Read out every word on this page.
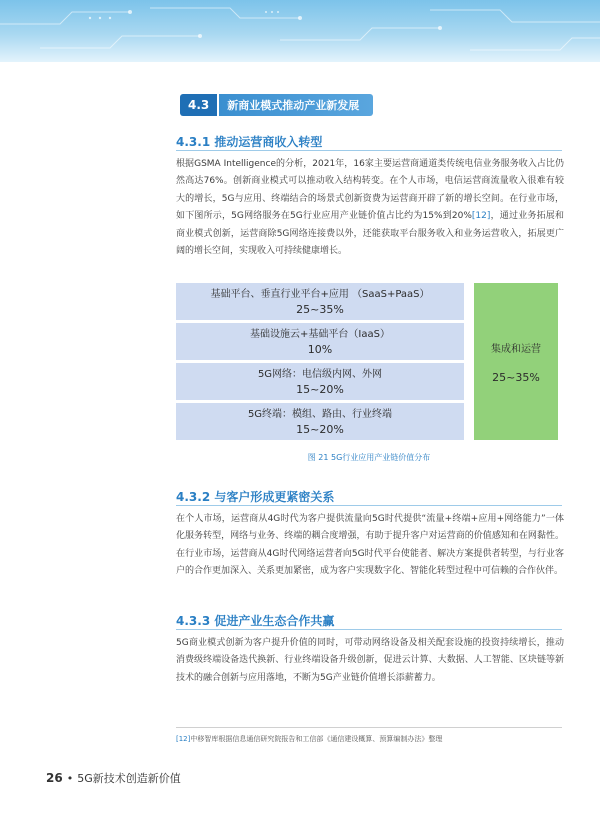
4.3	新商业模式推动产业新发展
4.3.1 推动运营商收入转型

根据GSMA Intelligence的分析，2021年，16家主要运营商通道类传统电信业务服务收入占比仍然高达76%。创新商业模式可以推动收入结构转变。在个人市场，电信运营商流量收入很难有较大的增长，5G与应用、终端结合的场景式创新资费为运营商开辟了新的增长空间。在行业市场，如下图所示，5G网络服务在5G行业应用产业链价值占比约为15%到20%[12]，通过业务拓展和商业模式创新，运营商除5G网络连接费以外，还能获取平台服务收入和业务运营收入，拓展更广阔的增长空间，实现收入可持续健康增长。

基础平台、垂直行业平台+应用 （SaaS+PaaS）
25~35%
基础设施云+基础平台（IaaS）
10%
5G网络：电信级内网、外网
15~20%
5G终端：模组、路由、行业终端
15~20%
集成和运营
25~35%
图 21 5G行业应用产业链价值分布
4.3.2 与客户形成更紧密关系

在个人市场，运营商从4G时代为客户提供流量向5G时代提供“流量+终端+应用+网络能力”一体化服务转型，网络与业务、终端的耦合度增强，有助于提升客户对运营商的价值感知和在网黏性。在行业市场，运营商从4G时代网络运营者向5G时代平台使能者、解决方案提供者转型，与行业客户的合作更加深入、关系更加紧密，成为客户实现数字化、智能化转型过程中可信赖的合作伙伴。

4.3.3 促进产业生态合作共赢

5G商业模式创新为客户提升价值的同时，可带动网络设备及相关配套设施的投资持续增长，推动消费级终端设备迭代换新、行业终端设备升级创新，促进云计算、大数据、人工智能、区块链等新技术的融合创新与应用落地，不断为5G产业链价值增长添薪蓄力。

[12]中移智库根据信息通信研究院报告和工信部《通信建设概算、预算编制办法》整理
26 • 5G新技术创造新价值
